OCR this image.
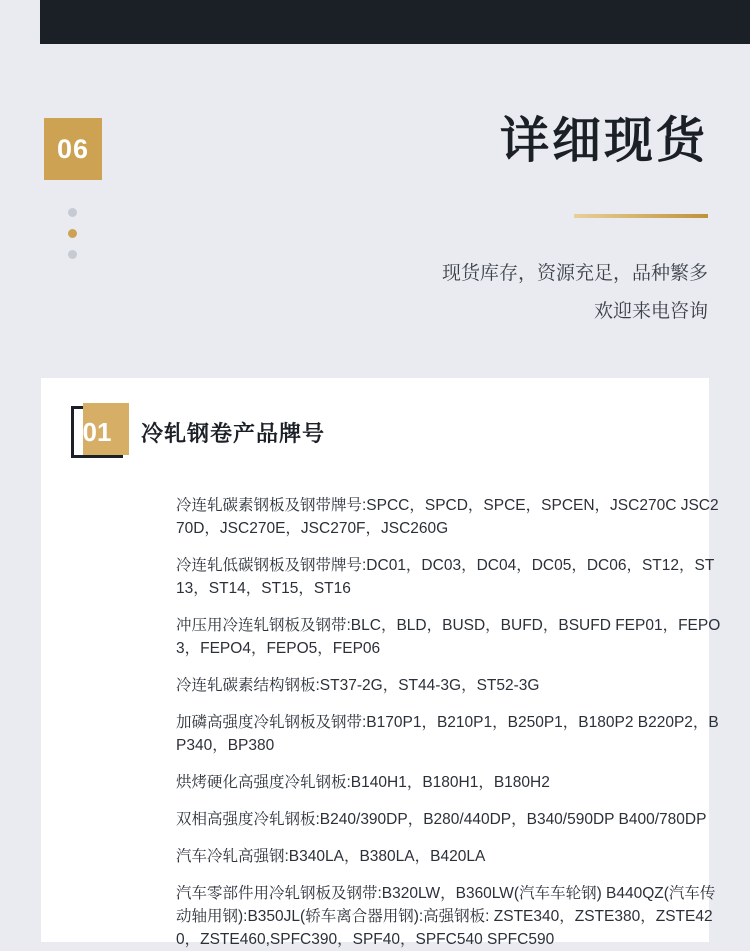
06	详细现货
现货库存，资源充足，品种繁多
欢迎来电咨询
01 冷轧钢卷产品牌号
冷连轧碳素钢板及钢带牌号:SPCC，SPCD，SPCE，SPCEN，JSC270C JSC270D，JSC270E，JSC270F，JSC260G
冷连轧低碳钢板及钢带牌号:DC01，DC03，DC04，DC05，DC06，ST12，ST13，ST14，ST15，ST16
冲压用冷连轧钢板及钢带:BLC，BLD，BUSD，BUFD，BSUFD FEP01，FEPO3，FEPO4，FEPO5，FEP06
冷连轧碳素结构钢板:ST37-2G，ST44-3G，ST52-3G
加磷高强度冷轧钢板及钢带:B170P1，B210P1，B250P1，B180P2 B220P2，BP340，BP380
烘烤硬化高强度冷轧钢板:B140H1，B180H1，B180H2
双相高强度冷轧钢板:B240/390DP，B280/440DP，B340/590DP B400/780DP
汽车冷轧高强钢:B340LA，B380LA，B420LA
汽车零部件用冷轧钢板及钢带:B320LW，B360LW(汽车车轮钢) B440QZ(汽车传动轴用钢):B350JL(轿车离合器用钢):高强钢板: ZSTE340，ZSTE380，ZSTE420，ZSTE460,SPFC390，SPF40，SPFC540 SPFC590
